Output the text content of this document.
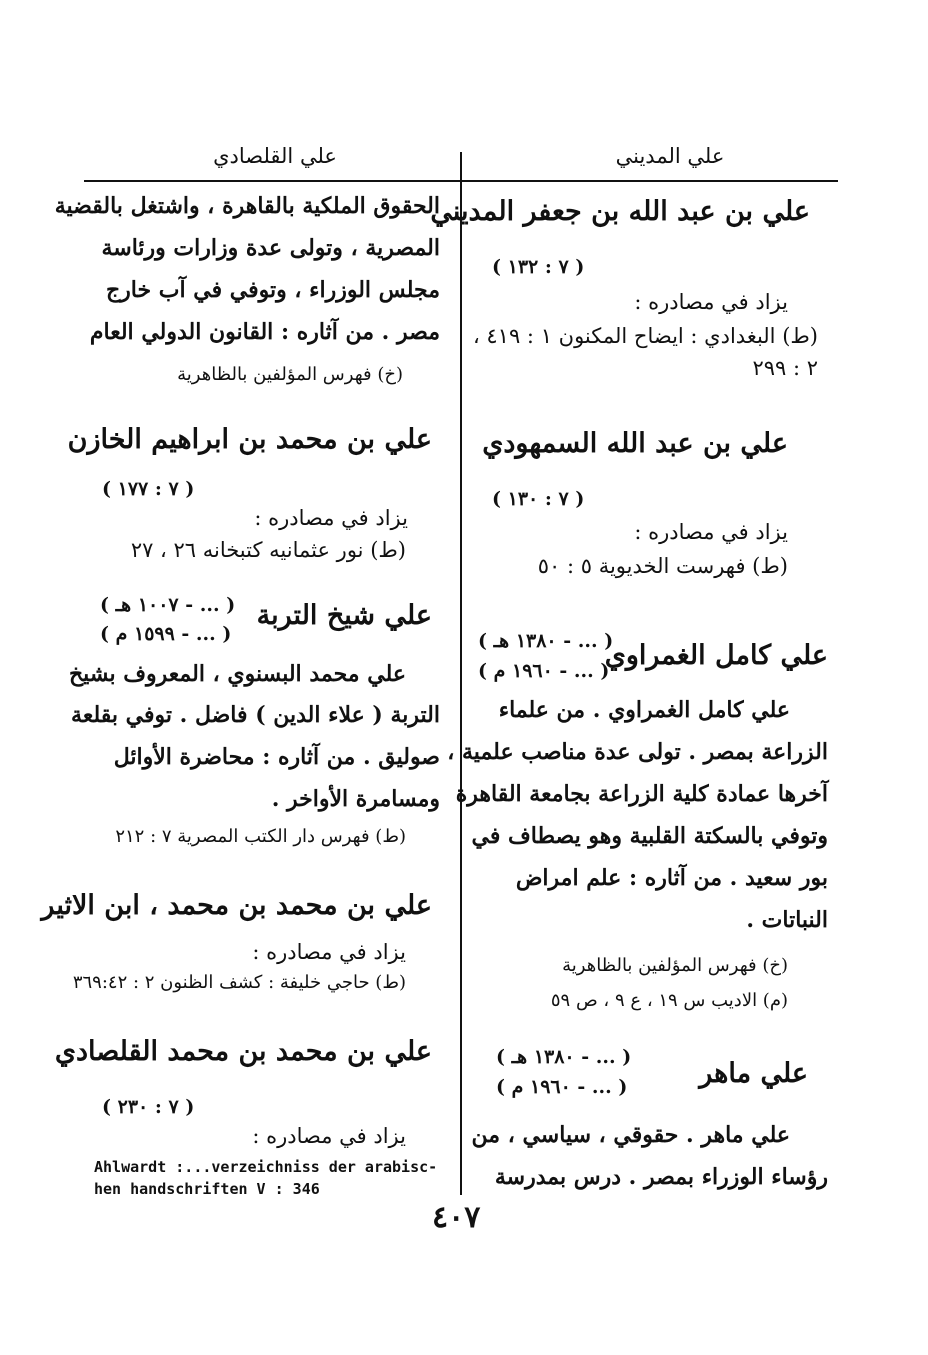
علي المديني
علي القلصادي
علي بن عبد الله بن جعفر المديني
( ٧ : ١٣٢ )
يزاد في مصادره :
(ط) البغدادي : ايضاح المكنون ١ : ٤١٩ ،
٢ : ٢٩٩
علي بن عبد الله السمهودي
( ٧ : ١٣٠ )
يزاد في مصادره :
(ط) فهرست الخديوية ٥ : ٥٠
علي كامل الغمراوي
( ... - ١٣٨٠ هـ )
( ... - ١٩٦٠ م )
علي كامل الغمراوي . من علماء
الزراعة بمصر . تولى عدة مناصب علمية ،
آخرها عمادة كلية الزراعة بجامعة القاهرة
وتوفي بالسكتة القلبية وهو يصطاف في
بور سعيد . من آثاره : علم امراض
النباتات .
(خ) فهرس المؤلفين بالظاهرية
(م) الاديب س ١٩ ، ع ٩ ، ص ٥٩
علي ماهر
( ... - ١٣٨٠ هـ )
( ... - ١٩٦٠ م )
علي ماهر . حقوقي ، سياسي ، من
رؤساء الوزراء بمصر . درس بمدرسة
الحقوق الملكية بالقاهرة ، واشتغل بالقضية
المصرية ، وتولى عدة وزارات ورئاسة
مجلس الوزراء ، وتوفي في آب خارج
مصر . من آثاره : القانون الدولي العام
(خ) فهرس المؤلفين بالظاهرية
علي بن محمد بن ابراهيم الخازن
( ٧ : ١٧٧ )
يزاد في مصادره :
(ط) نور عثمانيه كتبخانه ٢٦ ، ٢٧
علي شيخ التربة
( ... - ١٠٠٧ هـ )
( ... - ١٥٩٩ م )
علي محمد البسنوي ، المعروف بشيخ
التربة ( علاء الدين ) فاضل . توفي بقلعة
صوليق . من آثاره : محاضرة الأوائل
ومسامرة الأواخر .
(ط) فهرس دار الكتب المصرية ٧ : ٢١٢
علي بن محمد بن محمد ، ابن الاثير
يزاد في مصادره :
(ط) حاجي خليفة : كشف الظنون ٢ : ٣٦٩:٤٢
علي بن محمد بن محمد القلصادي
( ٧ : ٢٣٠ )
يزاد في مصادره :
Ahlwardt :...verzeichniss der arabisc-
hen handschriften V : 346
٤٠٧
